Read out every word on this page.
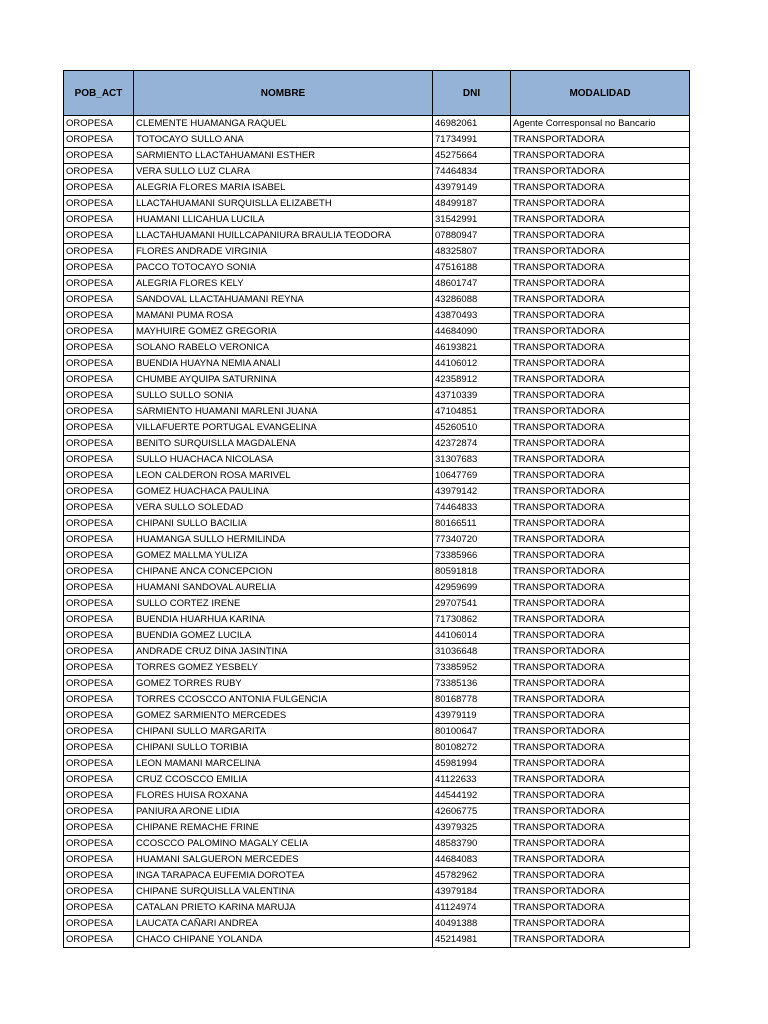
POB_ACT	NOMBRE	DNI	MODALIDAD
OROPESA	CLEMENTE HUAMANGA RAQUEL	46982061	Agente Corresponsal no Bancario
OROPESA	TOTOCAYO SULLO ANA	71734991	TRANSPORTADORA
OROPESA	SARMIENTO LLACTAHUAMANI ESTHER	45275664	TRANSPORTADORA
OROPESA	VERA SULLO LUZ CLARA	74464834	TRANSPORTADORA
OROPESA	ALEGRIA FLORES MARIA ISABEL	43979149	TRANSPORTADORA
OROPESA	LLACTAHUAMANI SURQUISLLA ELIZABETH	48499187	TRANSPORTADORA
OROPESA	HUAMANI LLICAHUA LUCILA	31542991	TRANSPORTADORA
OROPESA	LLACTAHUAMANI HUILLCAPANIURA BRAULIA TEODORA	07880947	TRANSPORTADORA
OROPESA	FLORES ANDRADE VIRGINIA	48325807	TRANSPORTADORA
OROPESA	PACCO TOTOCAYO SONIA	47516188	TRANSPORTADORA
OROPESA	ALEGRIA FLORES KELY	48601747	TRANSPORTADORA
OROPESA	SANDOVAL LLACTAHUAMANI REYNA	43286088	TRANSPORTADORA
OROPESA	MAMANI PUMA ROSA	43870493	TRANSPORTADORA
OROPESA	MAYHUIRE GOMEZ GREGORIA	44684090	TRANSPORTADORA
OROPESA	SOLANO RABELO VERONICA	46193821	TRANSPORTADORA
OROPESA	BUENDIA HUAYNA NEMIA ANALI	44106012	TRANSPORTADORA
OROPESA	CHUMBE AYQUIPA SATURNINA	42358912	TRANSPORTADORA
OROPESA	SULLO SULLO SONIA	43710339	TRANSPORTADORA
OROPESA	SARMIENTO HUAMANI MARLENI JUANA	47104851	TRANSPORTADORA
OROPESA	VILLAFUERTE PORTUGAL EVANGELINA	45260510	TRANSPORTADORA
OROPESA	BENITO SURQUISLLA MAGDALENA	42372874	TRANSPORTADORA
OROPESA	SULLO HUACHACA NICOLASA	31307683	TRANSPORTADORA
OROPESA	LEON CALDERON ROSA MARIVEL	10647769	TRANSPORTADORA
OROPESA	GOMEZ HUACHACA PAULINA	43979142	TRANSPORTADORA
OROPESA	VERA SULLO SOLEDAD	74464833	TRANSPORTADORA
OROPESA	CHIPANI SULLO BACILIA	80166511	TRANSPORTADORA
OROPESA	HUAMANGA SULLO HERMILINDA	77340720	TRANSPORTADORA
OROPESA	GOMEZ MALLMA YULIZA	73385966	TRANSPORTADORA
OROPESA	CHIPANE ANCA CONCEPCION	80591818	TRANSPORTADORA
OROPESA	HUAMANI SANDOVAL AURELIA	42959699	TRANSPORTADORA
OROPESA	SULLO CORTEZ IRENE	29707541	TRANSPORTADORA
OROPESA	BUENDIA HUARHUA KARINA	71730862	TRANSPORTADORA
OROPESA	BUENDIA GOMEZ LUCILA	44106014	TRANSPORTADORA
OROPESA	ANDRADE CRUZ DINA JASINTINA	31036648	TRANSPORTADORA
OROPESA	TORRES GOMEZ YESBELY	73385952	TRANSPORTADORA
OROPESA	GOMEZ TORRES RUBY	73385136	TRANSPORTADORA
OROPESA	TORRES CCOSCCO ANTONIA FULGENCIA	80168778	TRANSPORTADORA
OROPESA	GOMEZ SARMIENTO MERCEDES	43979119	TRANSPORTADORA
OROPESA	CHIPANI SULLO MARGARITA	80100647	TRANSPORTADORA
OROPESA	CHIPANI SULLO TORIBIA	80108272	TRANSPORTADORA
OROPESA	LEON MAMANI MARCELINA	45981994	TRANSPORTADORA
OROPESA	CRUZ CCOSCCO EMILIA	41122633	TRANSPORTADORA
OROPESA	FLORES HUISA ROXANA	44544192	TRANSPORTADORA
OROPESA	PANIURA ARONE LIDIA	42606775	TRANSPORTADORA
OROPESA	CHIPANE REMACHE FRINE	43979325	TRANSPORTADORA
OROPESA	CCOSCCO PALOMINO MAGALY CELIA	48583790	TRANSPORTADORA
OROPESA	HUAMANI SALGUERON MERCEDES	44684083	TRANSPORTADORA
OROPESA	INGA TARAPACA EUFEMIA DOROTEA	45782962	TRANSPORTADORA
OROPESA	CHIPANE SURQUISLLA VALENTINA	43979184	TRANSPORTADORA
OROPESA	CATALAN PRIETO KARINA MARUJA	41124974	TRANSPORTADORA
OROPESA	LAUCATA CAÑARI ANDREA	40491388	TRANSPORTADORA
OROPESA	CHACO CHIPANE YOLANDA	45214981	TRANSPORTADORA
